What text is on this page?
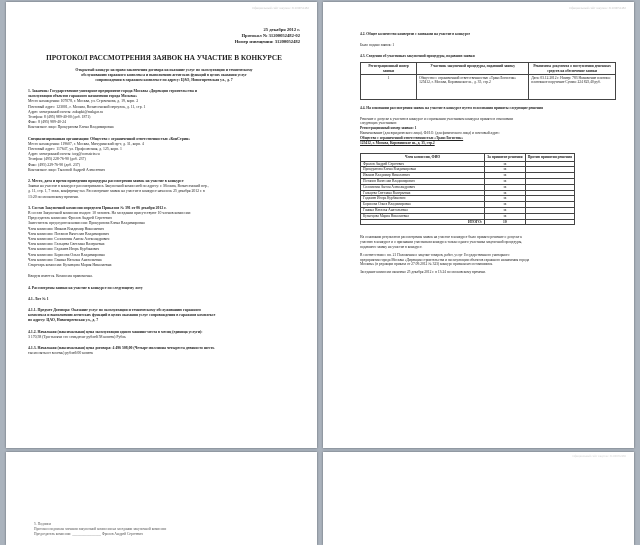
Официальный сайт закупок: 31200052482
25 декабря 2012 г.
Протокол № 31200052482-02
Номер извещения: 31200052482
ПРОТОКОЛ РАССМОТРЕНИЯ ЗАЯВОК НА УЧАСТИЕ В КОНКУРСЕ
Открытый конкурс на право заключения договора на оказание услуг по эксплуатации и техническому
обслуживанию гаражного комплекса и выполнению агентских функций в целях оказания услуг
сопровождения в гаражном комплексе по адресу: ЦАО, Новогиреевская ул., д. 7
1. Заказчик: Государственное унитарное предприятие города Москвы «Дирекция строительства и
эксплуатации объектов гаражного назначения города Москвы»
Место нахождения: 107078, г. Москва, ул. Строченова, д. 19, корп. 2
Почтовый адрес: 123001, г. Москва, Вознесенский переулок, д. 11, стр. 1
Адрес электронной почты: zakupki@mskgar.ru
Телефон: 8 (495) 989-40-00 (доб. 1871)
Факс: 8 (495) 989-40-24
Контактное лицо: Прокуратова Елена Владимировна
Специализированная организация: Общество с ограниченной ответственностью «КонСтрин»
Место нахождения: 119607, г. Москва, Мичуринский пр-т, д. 31, корп. 4
Почтовый адрес: 117647, ул. Профсоюзная, д. 125, корп. 1
Адрес электронной почты: torg@consstrin.ru
Телефон: (495) 228-76-90 (доб. 237)
Факс: (495) 229-76-90 (доб. 237)
Контактное лицо: Тыловой Андрей Алексеевич
2. Место, дата и время проведения процедуры рассмотрения заявок на участие в конкурсе
Заявки на участие в конкурсе рассматривались Закупочной комиссией по адресу: г. Москва, Вознесенский пер.,
д. 11, стр. 1, 7 этаж, конференц-зал. Рассмотрение заявок на участие в конкурсе началось 25 декабря 2012 г. в
13:20 по московскому времени.
3. Состав Закупочной комиссии определен Приказом № 391 от 06 декабря 2012 г.
В состав Закупочной комиссии входит: 10 человек. На заседании присутствуют 10 членов комиссии:
Председатель комиссии: Фролов Андрей Сергеевич
Заместитель председателя комиссии: Прокуратова Елена Владимировна
Член комиссии: Иванов Владимир Николаевич
Член комиссии: Потапов Вячеслав Владимирович
Член комиссии: Соломатин Антон Александрович
Член комиссии: Гальцева Светлана Валерьевна
Член комиссии: Гаджиев Игорь Курбанович
Член комиссии: Борисова Ольга Владимировна
Член комиссии: Ганина Наталья Анатольевна
Секретарь комиссии: Кузнецова Мария Николаевна
Кворум имеется. Комиссия правомочна.
4. Рассмотрены заявки на участие в конкурсе по следующему лоту
4.1. Лот № 1
4.1.1. Предмет Договора: Оказание услуг по эксплуатации и техническому обслуживанию гаражного
комплекса и выполнению агентских функций в целях оказания услуг сопровождения в гаражном комплексе
по адресу: ЦАО, Новогиреевская ул., д. 7
4.1.2. Начальная (максимальная) цена эксплуатации одного машино-места в месяц (единица услуги):
3 170,58 (Три тысячи сто семьдесят рублей 58 копеек) Рубль
4.1.3. Начальная (максимальная) цена договора: 4 496 508,00 (Четыре миллиона четыреста девяносто шесть
тысяч пятьсот восемь) рублей 00 копеек
Официальный сайт закупок: 31200052482
4.2. Общее количество конвертов с заявками на участие в конкурсе
Было подано заявок: 1
4.3. Сведения об участниках закупочной процедуры, подавших заявки
Регистрационный номер заявки	Участник закупочной процедуры, подавший заявку	Реквизиты документа о поступлении денежных средств на обеспечение заявки
1	Общество с ограниченной ответственностью «ТрансЛогистик» 125412, г. Москва, Коровинское ш., д. 35, стр.2	Дата: 03.12.2012 г. Номер: 783 Назначение платежа: платежное поручение Сумма: 224 825,40 руб.
4.4. На основании рассмотрения заявок на участие в конкурсе путем голосования приняты следующие решения
Решение о допуске к участию в конкурсе и о признании участником конкурса принято в отношении
следующих участников:
Регистрационный номер заявки: 1
Наименование (для юридического лица), Ф.И.О. (для физического лица) и почтовый адрес:
Общество с ограниченной ответственностью «ТрансЛогистик»
125412, г. Москва, Коровинское ш., д. 35, стр.2
Член комиссии, ФИО	За принятие решения	Против принятия решения
Фролов Андрей Сергеевич	за	
Прокуратова Елена Владимировна	за	
Иванов Владимир Николаевич	за	
Потапов Вячеслав Владимирович	за	
Соломатин Антон Александрович	за	
Гальцева Светлана Валерьевна	за	
Гаджиев Игорь Курбанович	за	
Борисова Ольга Владимировна	за	
Ганина Наталья Анатольевна	за	
Кузнецова Мария Николаевна	за	
ИТОГО:	10	
На основании результатов рассмотрения заявок на участие в конкурсе было принято решение о допуске к
участию в конкурсе и о признании участником конкурса только одного участника закупочной процедуры,
подавшего заявку на участие в конкурсе.
В соответствии с пп. 21 Положения о закупке товаров, работ, услуг Государственного унитарного
предприятия города Москвы «Дирекция строительства и эксплуатации объектов гаражного назначения города
Москвы» (в редакции приказа от 27.09.2012 № 323) конкурс признан несостоявшимся.
Заседание комиссии окончено 25 декабря 2012 г. в 13:24 по московскому времени.
5. Подписи
Протокол подписан членами закупочной комиссии на заседании закупочной комиссии
Председатель комиссии: ________________ Фролов Андрей Сергеевич
Официальный сайт закупок: 31200052482
